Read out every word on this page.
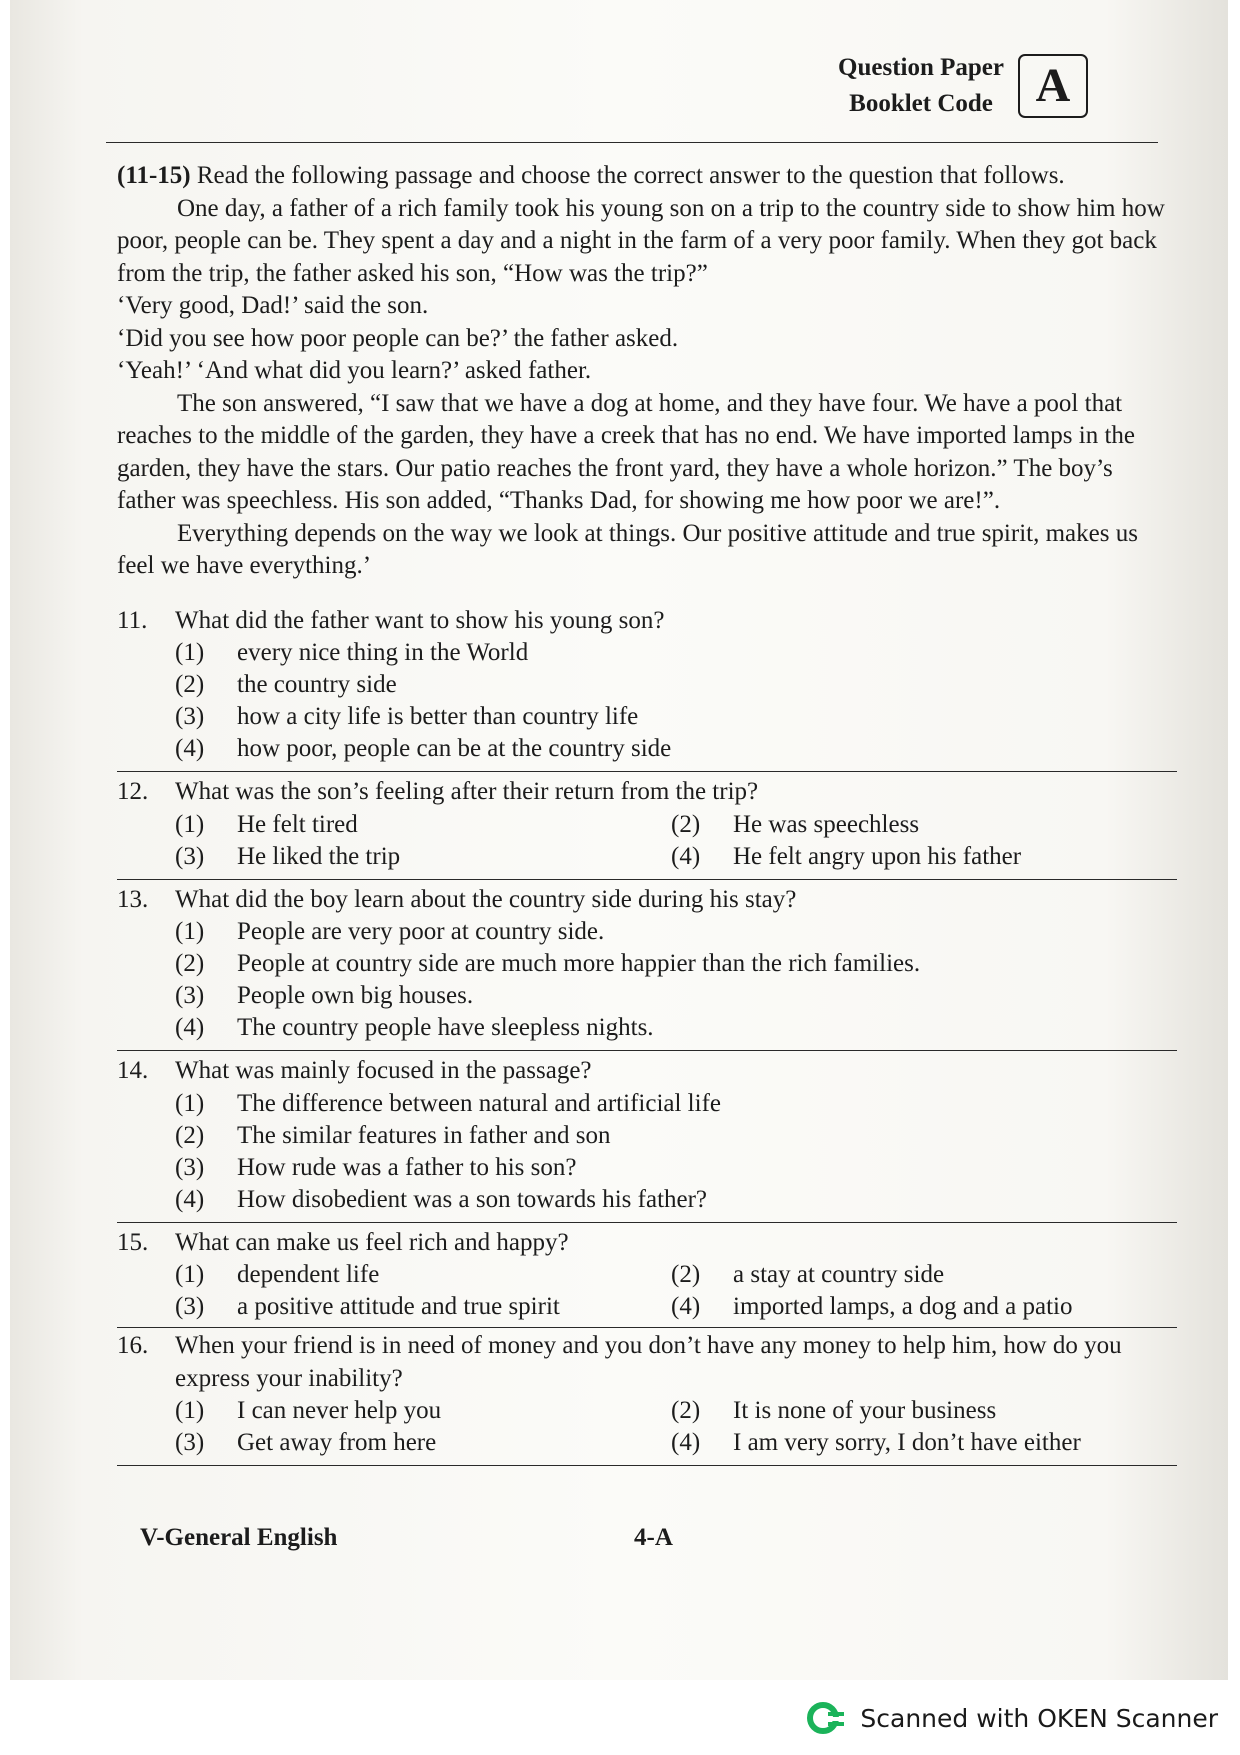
Question Paper
Booklet Code A

(11-15) Read the following passage and choose the correct answer to the question that follows.

One day, a father of a rich family took his young son on a trip to the country side to show him how poor, people can be. They spent a day and a night in the farm of a very poor family. When they got back from the trip, the father asked his son, “How was the trip?”

‘Very good, Dad!’ said the son.

‘Did you see how poor people can be?’ the father asked.

‘Yeah!’ ‘And what did you learn?’ asked father.

The son answered, “I saw that we have a dog at home, and they have four. We have a pool that reaches to the middle of the garden, they have a creek that has no end. We have imported lamps in the garden, they have the stars. Our patio reaches the front yard, they have a whole horizon.” The boy’s father was speechless. His son added, “Thanks Dad, for showing me how poor we are!”.

Everything depends on the way we look at things. Our positive attitude and true spirit, makes us feel we have everything.’

11.	What did the father want to show his young son?
(1)	every nice thing in the World
(2)	the country side
(3)	how a city life is better than country life
(4)	how poor, people can be at the country side
12.	What was the son’s feeling after their return from the trip?
(1)	He felt tired	(2)	He was speechless
(3)	He liked the trip	(4)	He felt angry upon his father
13.	What did the boy learn about the country side during his stay?
(1)	People are very poor at country side.
(2)	People at country side are much more happier than the rich families.
(3)	People own big houses.
(4)	The country people have sleepless nights.
14.	What was mainly focused in the passage?
(1)	The difference between natural and artificial life
(2)	The similar features in father and son
(3)	How rude was a father to his son?
(4)	How disobedient was a son towards his father?
15.	What can make us feel rich and happy?
(1)	dependent life	(2)	a stay at country side
(3)	a positive attitude and true spirit	(4)	imported lamps, a dog and a patio
16.	When your friend is in need of money and you don’t have any money to help him, how do you express your inability?
(1)	I can never help you	(2)	It is none of your business
(3)	Get away from here	(4)	I am very sorry, I don’t have either
V-General English	4-A
Scanned with OKEN Scanner
